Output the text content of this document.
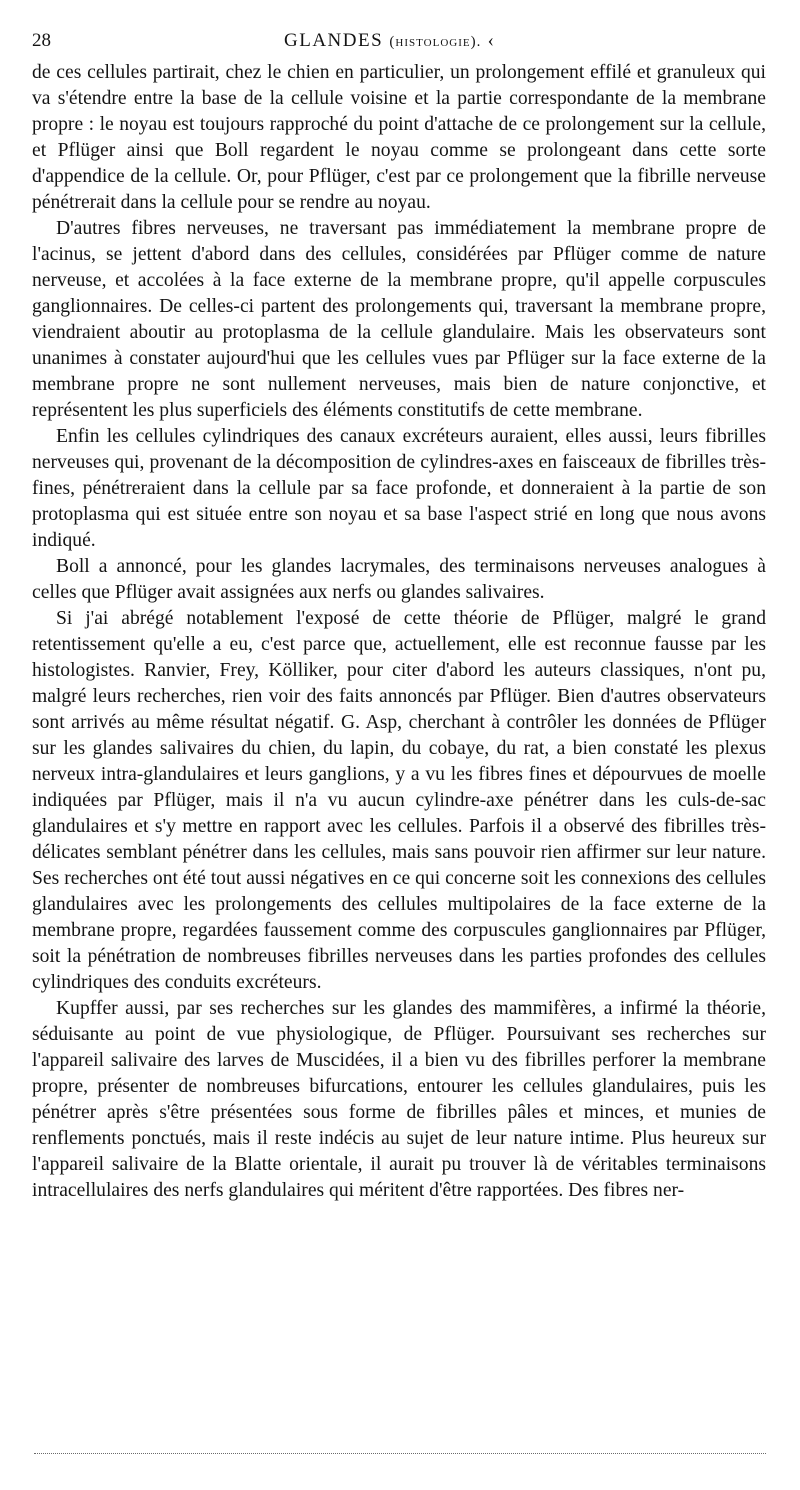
28	GLANDES (histologie). ‹

de ces cellules partirait, chez le chien en particulier, un prolongement effilé et granuleux qui va s'étendre entre la base de la cellule voisine et la partie correspondante de la membrane propre : le noyau est toujours rapproché du point d'attache de ce prolongement sur la cellule, et Pflüger ainsi que Boll regardent le noyau comme se prolongeant dans cette sorte d'appendice de la cellule. Or, pour Pflüger, c'est par ce prolongement que la fibrille nerveuse pénétrerait dans la cellule pour se rendre au noyau.

D'autres fibres nerveuses, ne traversant pas immédiatement la membrane propre de l'acinus, se jettent d'abord dans des cellules, considérées par Pflüger comme de nature nerveuse, et accolées à la face externe de la membrane propre, qu'il appelle corpuscules ganglionnaires. De celles-ci partent des prolongements qui, traversant la membrane propre, viendraient aboutir au protoplasma de la cellule glandulaire. Mais les observateurs sont unanimes à constater aujourd'hui que les cellules vues par Pflüger sur la face externe de la membrane propre ne sont nullement nerveuses, mais bien de nature conjonctive, et représentent les plus superficiels des éléments constitutifs de cette membrane.

Enfin les cellules cylindriques des canaux excréteurs auraient, elles aussi, leurs fibrilles nerveuses qui, provenant de la décomposition de cylindres-axes en faisceaux de fibrilles très-fines, pénétreraient dans la cellule par sa face profonde, et donneraient à la partie de son protoplasma qui est située entre son noyau et sa base l'aspect strié en long que nous avons indiqué.

Boll a annoncé, pour les glandes lacrymales, des terminaisons nerveuses analogues à celles que Pflüger avait assignées aux nerfs ou glandes salivaires.

Si j'ai abrégé notablement l'exposé de cette théorie de Pflüger, malgré le grand retentissement qu'elle a eu, c'est parce que, actuellement, elle est reconnue fausse par les histologistes. Ranvier, Frey, Kölliker, pour citer d'abord les auteurs classiques, n'ont pu, malgré leurs recherches, rien voir des faits annoncés par Pflüger. Bien d'autres observateurs sont arrivés au même résultat négatif. G. Asp, cherchant à contrôler les données de Pflüger sur les glandes salivaires du chien, du lapin, du cobaye, du rat, a bien constaté les plexus nerveux intra-glandulaires et leurs ganglions, y a vu les fibres fines et dépourvues de moelle indiquées par Pflüger, mais il n'a vu aucun cylindre-axe pénétrer dans les culs-de-sac glandulaires et s'y mettre en rapport avec les cellules. Parfois il a observé des fibrilles très-délicates semblant pénétrer dans les cellules, mais sans pouvoir rien affirmer sur leur nature. Ses recherches ont été tout aussi négatives en ce qui concerne soit les connexions des cellules glandulaires avec les prolongements des cellules multipolaires de la face externe de la membrane propre, regardées faussement comme des corpuscules ganglionnaires par Pflüger, soit la pénétration de nombreuses fibrilles nerveuses dans les parties profondes des cellules cylindriques des conduits excréteurs.

Kupffer aussi, par ses recherches sur les glandes des mammifères, a infirmé la théorie, séduisante au point de vue physiologique, de Pflüger. Poursuivant ses recherches sur l'appareil salivaire des larves de Muscidées, il a bien vu des fibrilles perforer la membrane propre, présenter de nombreuses bifurcations, entourer les cellules glandulaires, puis les pénétrer après s'être présentées sous forme de fibrilles pâles et minces, et munies de renflements ponctués, mais il reste indécis au sujet de leur nature intime. Plus heureux sur l'appareil salivaire de la Blatte orientale, il aurait pu trouver là de véritables terminaisons intracellulaires des nerfs glandulaires qui méritent d'être rapportées. Des fibres ner-
